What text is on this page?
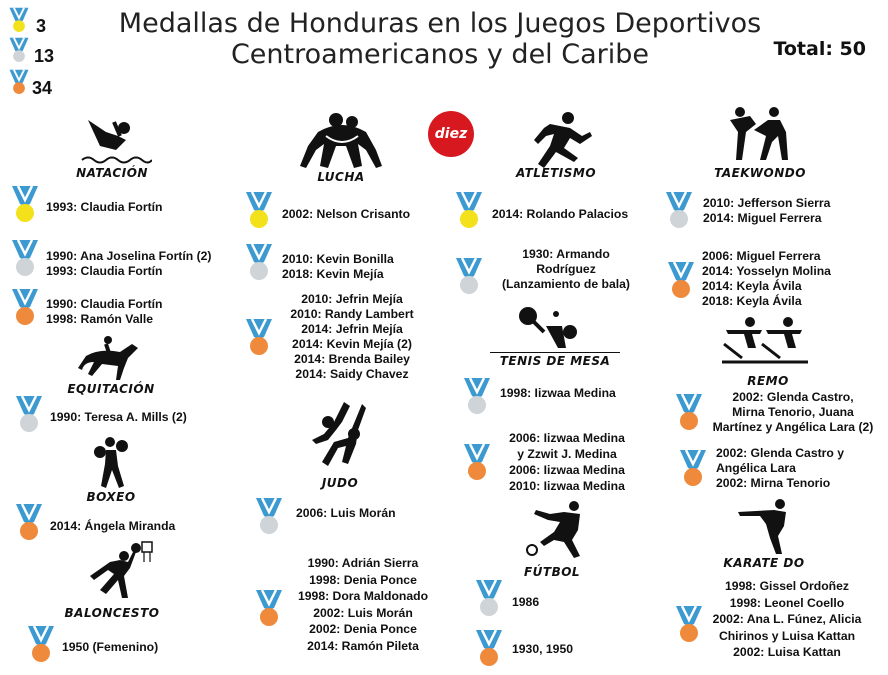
Medallas de Honduras en los Juegos Deportivos
Centroamericanos y del Caribe	Total: 50
diez
3
13
34
NATACIÓN
1993: Claudia Fortín
1990: Ana Joselina Fortín (2)
1993: Claudia Fortín
1990: Claudia Fortín
1998: Ramón Valle
EQUITACIÓN
1990: Teresa A. Mills (2)
BOXEO
2014: Ángela Miranda
BALONCESTO
1950 (Femenino)
LUCHA
2002: Nelson Crisanto
2010: Kevin Bonilla
2018: Kevin Mejía
2010: Jefrin Mejía
2010: Randy Lambert
2014: Jefrin Mejía
2014: Kevin Mejía (2)
2014: Brenda Bailey
2014: Saidy Chavez
JUDO
2006: Luis Morán
1990: Adrián Sierra
1998: Denia Ponce
1998: Dora Maldonado
2002: Luis Morán
2002: Denia Ponce
2014: Ramón Pileta
ATLETISMO
2014: Rolando Palacios
1930: Armando
Rodríguez
(Lanzamiento de bala)
TENIS DE MESA
1998: Iizwaa Medina
2006: Iizwaa Medina
y Zzwit J. Medina
2006: Iizwaa Medina
2010: Iizwaa Medina
FÚTBOL
1986
1930, 1950
TAEKWONDO
2010: Jefferson Sierra
2014: Miguel Ferrera
2006: Miguel Ferrera
2014: Yosselyn Molina
2014: Keyla Ávila
2018: Keyla Ávila
REMO
2002: Glenda Castro,
Mirna Tenorio, Juana
Martínez y Angélica Lara (2)
2002: Glenda Castro y
Angélica Lara
2002: Mirna Tenorio
KARATE DO
1998: Gissel Ordoñez
1998: Leonel Coello
2002: Ana L. Fúnez, Alicia
Chirinos y Luisa Kattan
2002: Luisa Kattan
